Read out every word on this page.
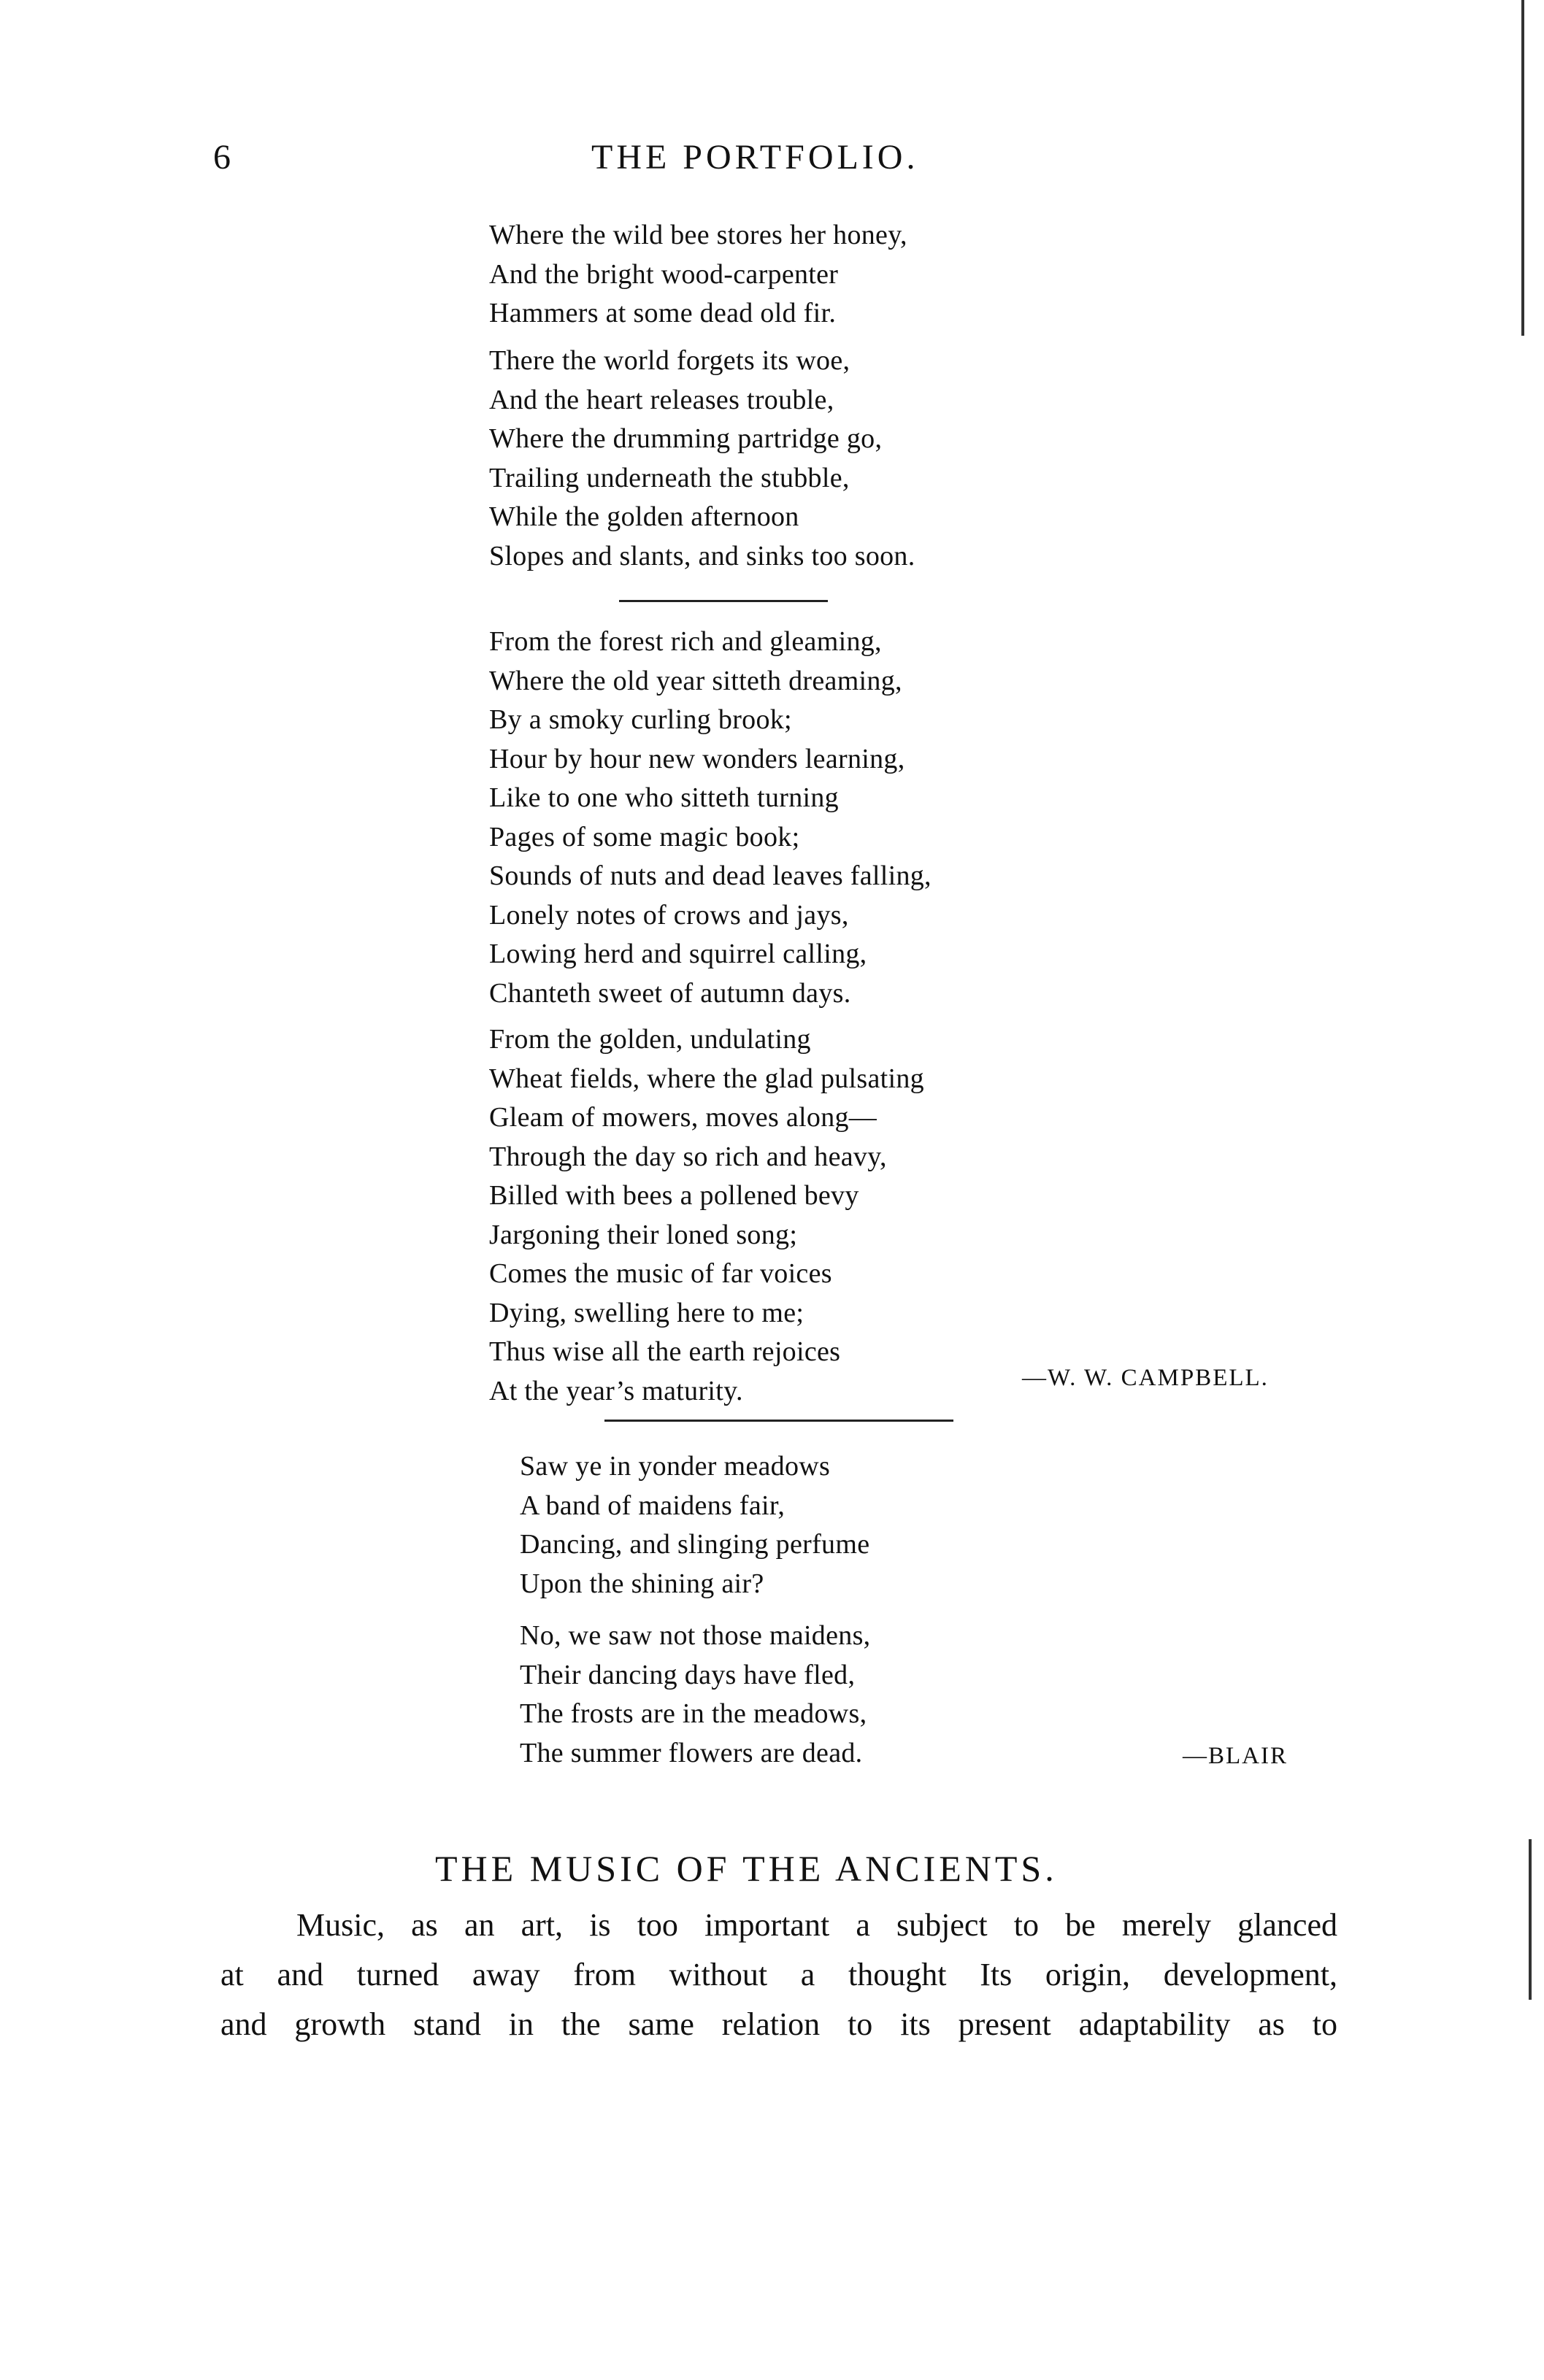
6	THE PORTFOLIO.
Where the wild bee stores her honey,
And the bright wood-carpenter
Hammers at some dead old fir.
There the world forgets its woe,
And the heart releases trouble,
Where the drumming partridge go,
Trailing underneath the stubble,
While the golden afternoon
Slopes and slants, and sinks too soon.
From the forest rich and gleaming,
Where the old year sitteth dreaming,
By a smoky curling brook;
Hour by hour new wonders learning,
Like to one who sitteth turning
Pages of some magic book;
Sounds of nuts and dead leaves falling,
Lonely notes of crows and jays,
Lowing herd and squirrel calling,
Chanteth sweet of autumn days.
From the golden, undulating
Wheat fields, where the glad pulsating
Gleam of mowers, moves along—
Through the day so rich and heavy,
Billed with bees a pollened bevy
Jargoning their loned song;
Comes the music of far voices
Dying, swelling here to me;
Thus wise all the earth rejoices
At the year’s maturity.	—W. W. CAMPBELL.
Saw ye in yonder meadows
A band of maidens fair,
Dancing, and slinging perfume
Upon the shining air?
No, we saw not those maidens,
Their dancing days have fled,
The frosts are in the meadows,
The summer flowers are dead.	—BLAIR
THE MUSIC OF THE ANCIENTS.
Music, as an art, is too important a subject to be merely glanced
at and turned away from without a thought Its origin, development,
and growth stand in the same relation to its present adaptability as to
